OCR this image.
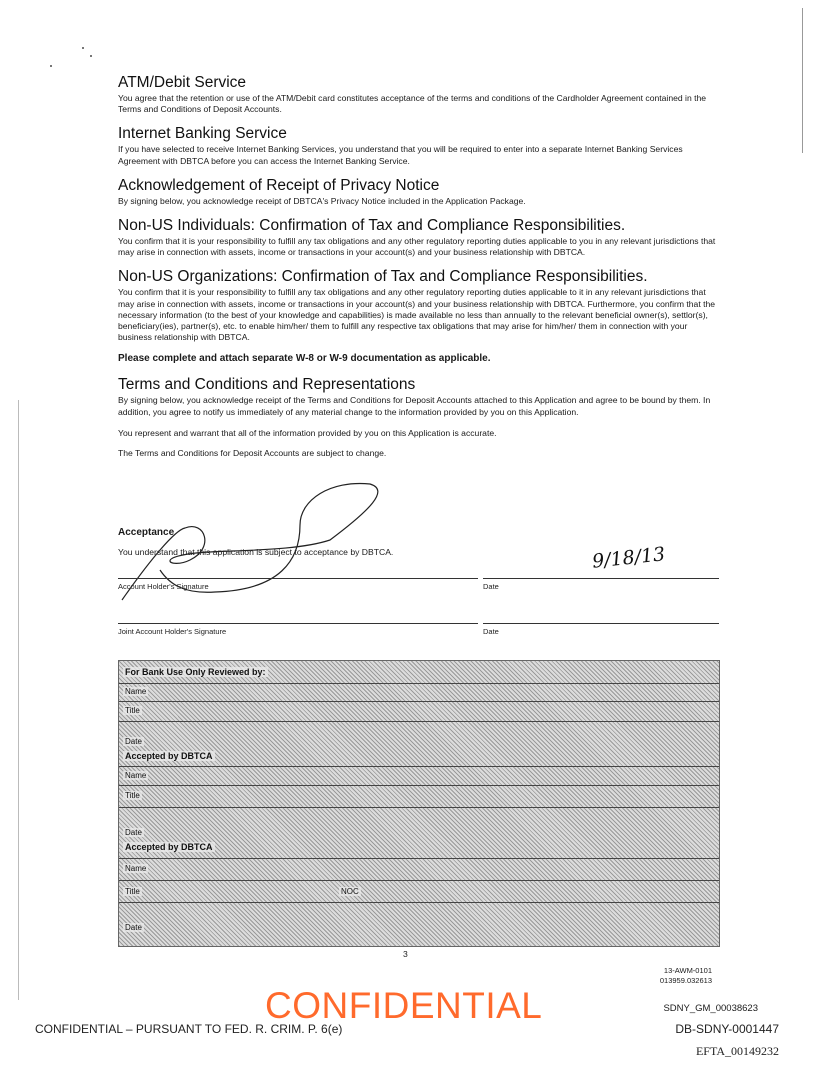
ATM/Debit Service

You agree that the retention or use of the ATM/Debit card constitutes acceptance of the terms and conditions of the Cardholder Agreement contained in the Terms and Conditions of Deposit Accounts.

Internet Banking Service

If you have selected to receive Internet Banking Services, you understand that you will be required to enter into a separate Internet Banking Services Agreement with DBTCA before you can access the Internet Banking Service.

Acknowledgement of Receipt of Privacy Notice

By signing below, you acknowledge receipt of DBTCA's Privacy Notice included in the Application Package.

Non-US Individuals: Confirmation of Tax and Compliance Responsibilities.

You confirm that it is your responsibility to fulfill any tax obligations and any other regulatory reporting duties applicable to you in any relevant jurisdictions that may arise in connection with assets, income or transactions in your account(s) and your business relationship with DBTCA.

Non-US Organizations: Confirmation of Tax and Compliance Responsibilities.

You confirm that it is your responsibility to fulfill any tax obligations and any other regulatory reporting duties applicable to it in any relevant jurisdictions that may arise in connection with assets, income or transactions in your account(s) and your business relationship with DBTCA. Furthermore, you confirm that the necessary information (to the best of your knowledge and capabilities) is made available no less than annually to the relevant beneficial owner(s), settlor(s), beneficiary(ies), partner(s), etc. to enable him/her/ them to fulfill any respective tax obligations that may arise for him/her/ them in connection with your business relationship with DBTCA.

Please complete and attach separate W-8 or W-9 documentation as applicable.

Terms and Conditions and Representations

By signing below, you acknowledge receipt of the Terms and Conditions for Deposit Accounts attached to this Application and agree to be bound by them. In addition, you agree to notify us immediately of any material change to the information provided by you on this Application.

You represent and warrant that all of the information provided by you on this Application is accurate.

The Terms and Conditions for Deposit Accounts are subject to change.

Acceptance
You understand that this application is subject to acceptance by DBTCA.	9/18/13
Account Holder's Signature	Date
Joint Account Holder's Signature	Date
For Bank Use Only Reviewed by:
Name
Title
Date
Accepted by DBTCA
Name
Title
Date
Accepted by DBTCA
Name
Title	NOC
Date
3
13-AWM-0101
013959.032613
SDNY_GM_00038623
CONFIDENTIAL
CONFIDENTIAL – PURSUANT TO FED. R. CRIM. P. 6(e)	DB-SDNY-0001447
EFTA_00149232
